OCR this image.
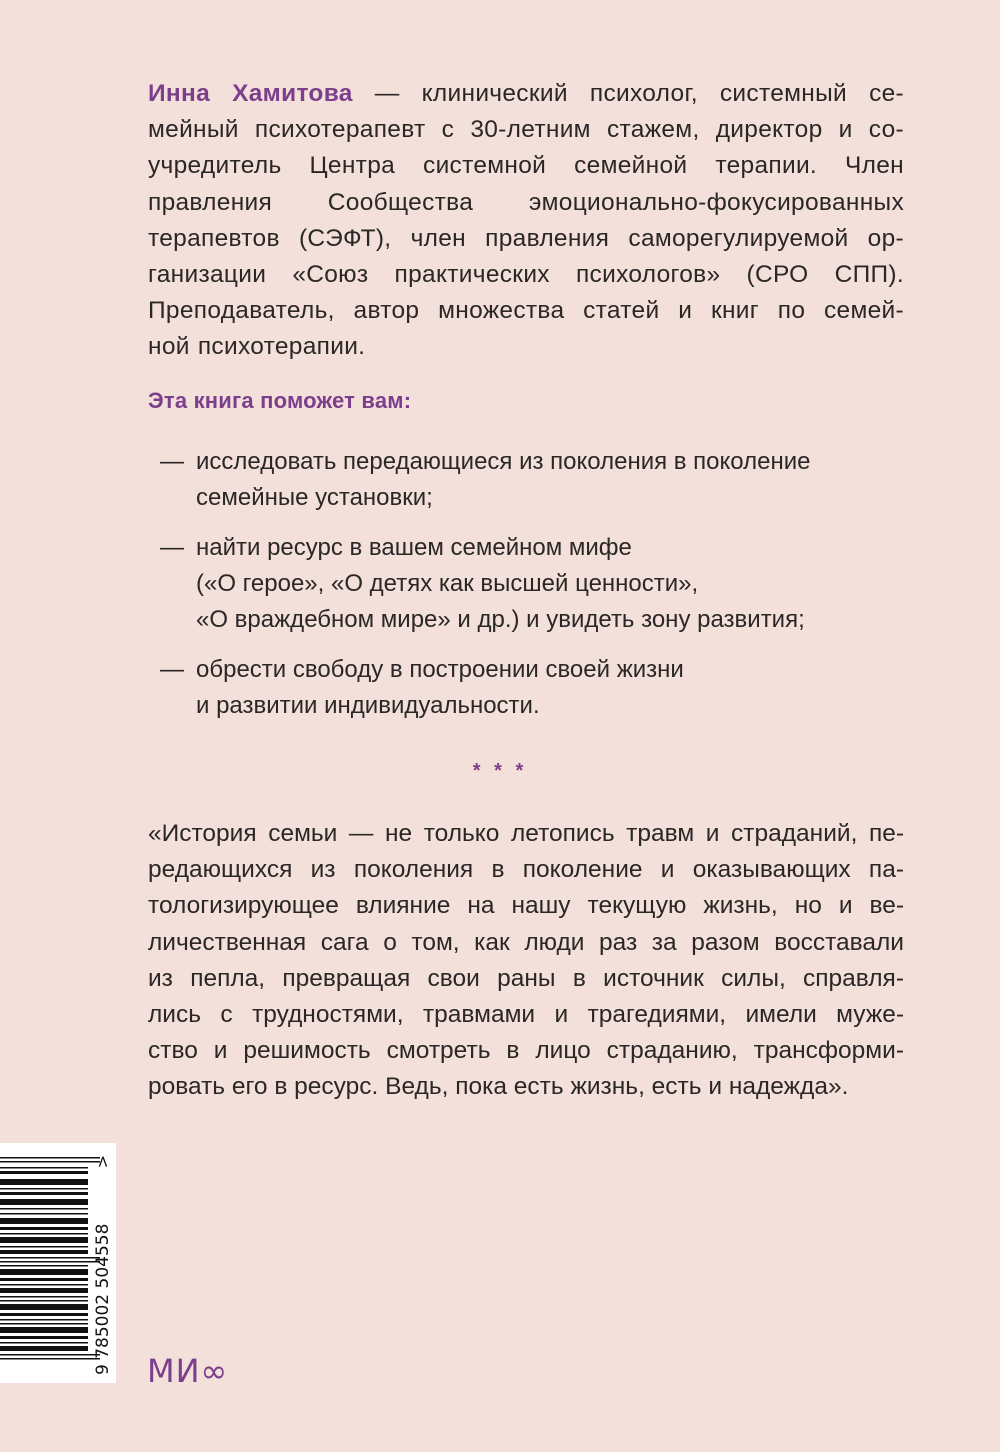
Инна Хамитова — клинический психолог, системный се-
мейный психотерапевт с 30-летним стажем, директор и со-
учредитель Центра системной семейной терапии. Член
правления Сообщества эмоционально-фокусированных
терапевтов (СЭФТ), член правления саморегулируемой ор-
ганизации «Союз практических психологов» (СРО СПП).
Преподаватель, автор множества статей и книг по семей-
ной психотерапии.
Эта книга поможет вам:
— исследовать передающиеся из поколения в поколение
семейные установки;
— найти ресурс в вашем семейном мифе
(«О герое», «О детях как высшей ценности»,
«О враждебном мире» и др.) и увидеть зону развития;
— обрести свободу в построении своей жизни
и развитии индивидуальности.
* * *
«История семьи — не только летопись травм и страданий, пе-
редающихся из поколения в поколение и оказывающих па-
тологизирующее влияние на нашу текущую жизнь, но и ве-
личественная сага о том, как люди раз за разом восставали
из пепла, превращая свои раны в источник силы, справля-
лись с трудностями, травмами и трагедиями, имели муже-
ство и решимость смотреть в лицо страданию, трансформи-
ровать его в ресурс. Ведь, пока есть жизнь, есть и надежда».
9 785002 504558
>
МИ∞
